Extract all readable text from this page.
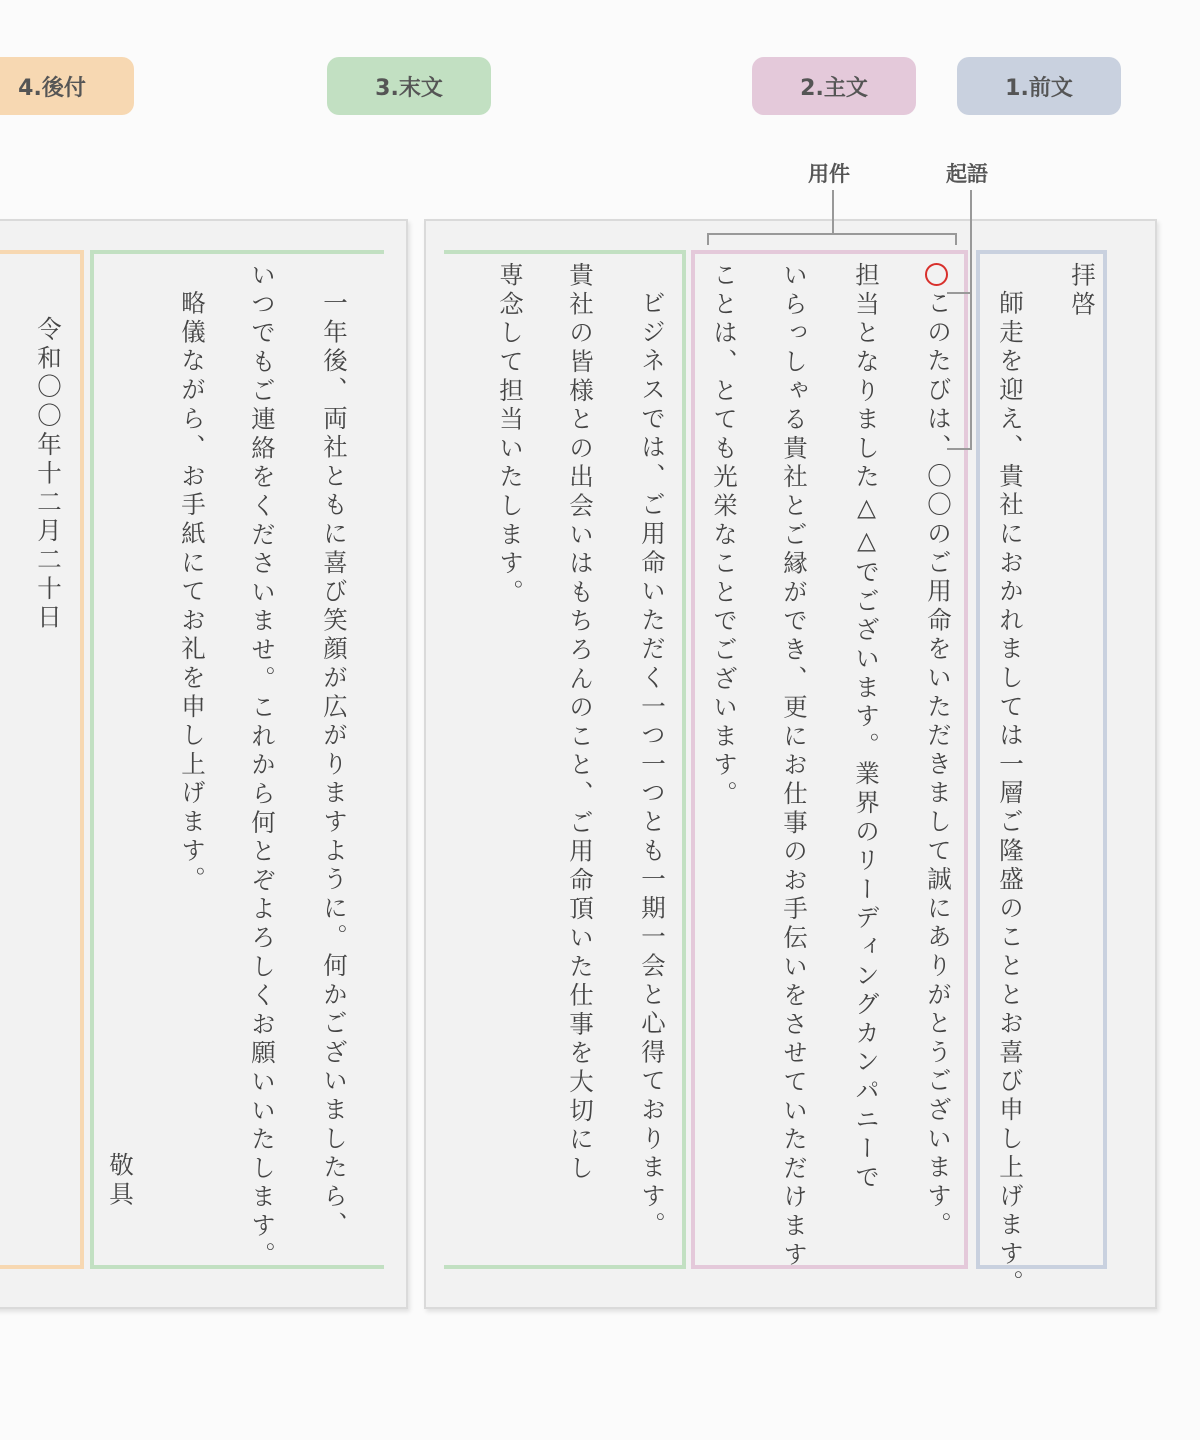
1.前文
2.主文
3.末文
4.後付
起語
用件
拝啓
師走を迎え、貴社におかれましては一層ご隆盛のこととお喜び申し上げます。
このたびは、〇〇のご用命をいただきまして誠にありがとうございます。
担当となりました△△でございます。業界のリーディングカンパニーで
いらっしゃる貴社とご縁ができ、更にお仕事のお手伝いをさせていただけます
ことは、とても光栄なことでございます。
ビジネスでは、ご用命いただく一つ一つとも一期一会と心得ております。
貴社の皆様との出会いはもちろんのこと、ご用命頂いた仕事を大切にし
専念して担当いたします。
一年後、両社ともに喜び笑顔が広がりますように。何かございましたら、
いつでもご連絡をくださいませ。これから何とぞよろしくお願いいたします。
略儀ながら、お手紙にてお礼を申し上げます。
敬具
令和〇〇年十二月二十日
